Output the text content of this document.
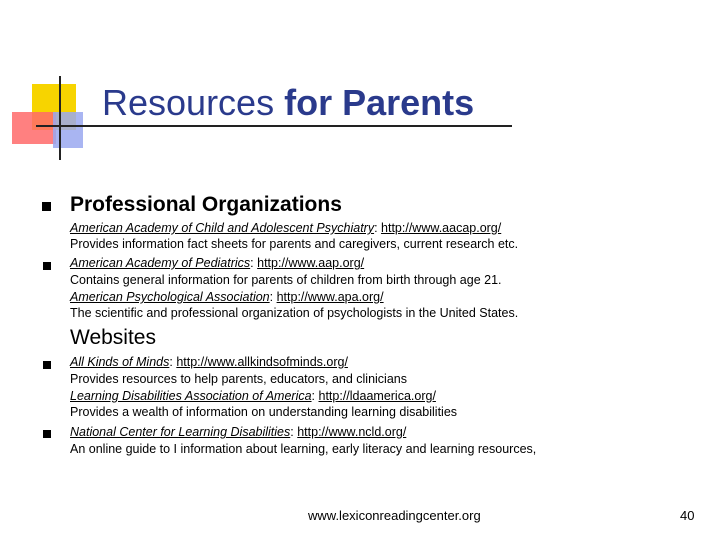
Resources for Parents
Professional Organizations
American Academy of Child and Adolescent Psychiatry: http://www.aacap.org/
Provides information fact sheets for parents and caregivers, current research etc.
American Academy of Pediatrics: http://www.aap.org/
Contains general information for parents of children from birth through age 21.
American Psychological Association: http://www.apa.org/
The scientific and professional organization of psychologists in the United States.
Websites
All Kinds of Minds: http://www.allkindsofminds.org/
Provides resources to help parents, educators, and clinicians
Learning Disabilities Association of America: http://ldaamerica.org/
Provides a wealth of information on understanding learning disabilities
National Center for Learning Disabilities: http://www.ncld.org/
An online guide to I information about learning, early literacy and learning resources,
www.lexiconreadingcenter.org	40
